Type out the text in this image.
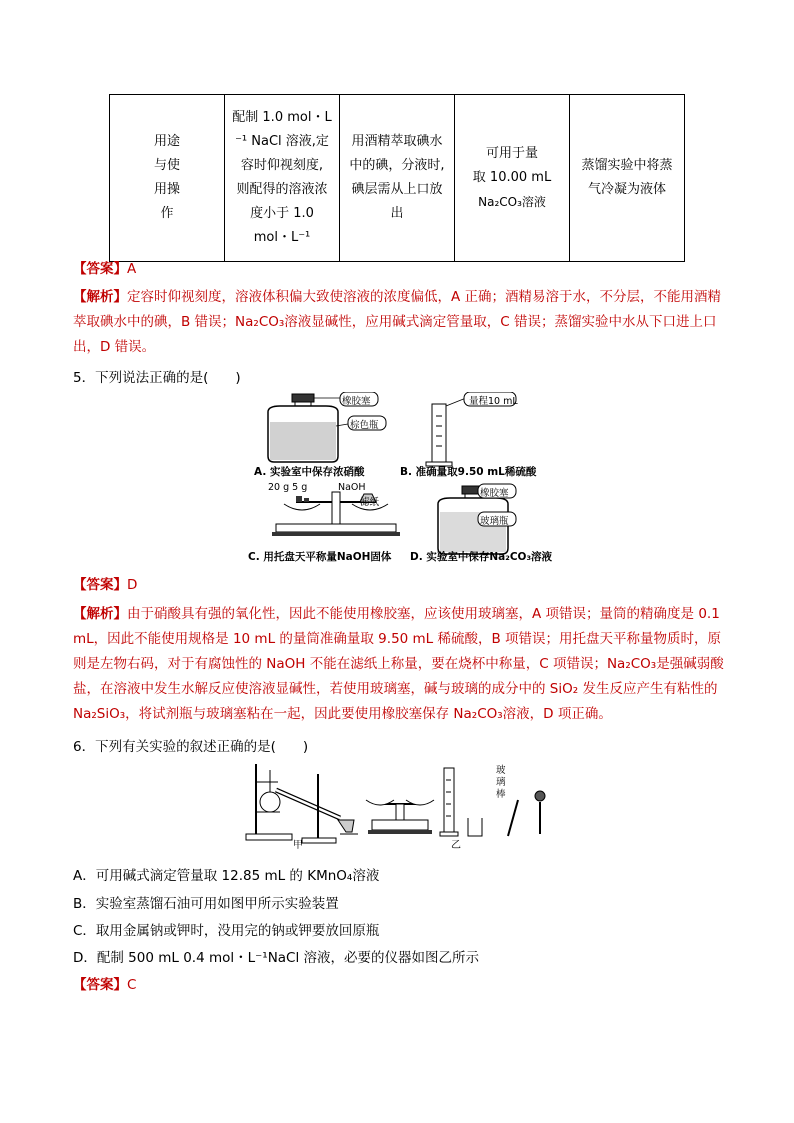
用途
与使
用操
作

配制 1.0 mol・L
⁻¹ NaCl 溶液,定
容时仰视刻度,
则配得的溶液浓
度小于 1.0
mol・L⁻¹

用酒精萃取碘水
中的碘，分液时,
碘层需从上口放
出

可用于量
取 10.00 mL
Na₂CO₃溶液

蒸馏实验中将蒸
气冷凝为液体
【答案】A
【解析】定容时仰视刻度，溶液体积偏大致使溶液的浓度偏低，A 正确；酒精易溶于水，不分层，不能用酒精萃取碘水中的碘，B 错误；Na₂CO₃溶液显碱性，应用碱式滴定管量取，C 错误；蒸馏实验中水从下口进上口出，D 错误。
5．下列说法正确的是(　　)
橡胶塞
棕色瓶
量程10 mL
A. 实验室中保存浓硝酸	B. 准确量取9.50 mL稀硫酸
20 g 5 g	NaOH
滤纸
橡胶塞
玻璃瓶
C. 用托盘天平称量NaOH固体 D. 实验室中保存Na₂CO₃溶液
【答案】D
【解析】由于硝酸具有强的氧化性，因此不能使用橡胶塞，应该使用玻璃塞，A 项错误；量筒的精确度是 0.1 mL，因此不能使用规格是 10 mL 的量筒准确量取 9.50 mL 稀硫酸，B 项错误；用托盘天平称量物质时，原则是左物右码，对于有腐蚀性的 NaOH 不能在滤纸上称量，要在烧杯中称量，C 项错误；Na₂CO₃是强碱弱酸盐，在溶液中发生水解反应使溶液显碱性，若使用玻璃塞，碱与玻璃的成分中的 SiO₂ 发生反应产生有粘性的 Na₂SiO₃，将试剂瓶与玻璃塞粘在一起，因此要使用橡胶塞保存 Na₂CO₃溶液，D 项正确。
6．下列有关实验的叙述正确的是(　　)
甲	乙
玻
璃
棒
A．可用碱式滴定管量取 12.85 mL 的 KMnO₄溶液
B．实验室蒸馏石油可用如图甲所示实验装置
C．取用金属钠或钾时，没用完的钠或钾要放回原瓶
D．配制 500 mL 0.4 mol・L⁻¹NaCl 溶液，必要的仪器如图乙所示
【答案】C
